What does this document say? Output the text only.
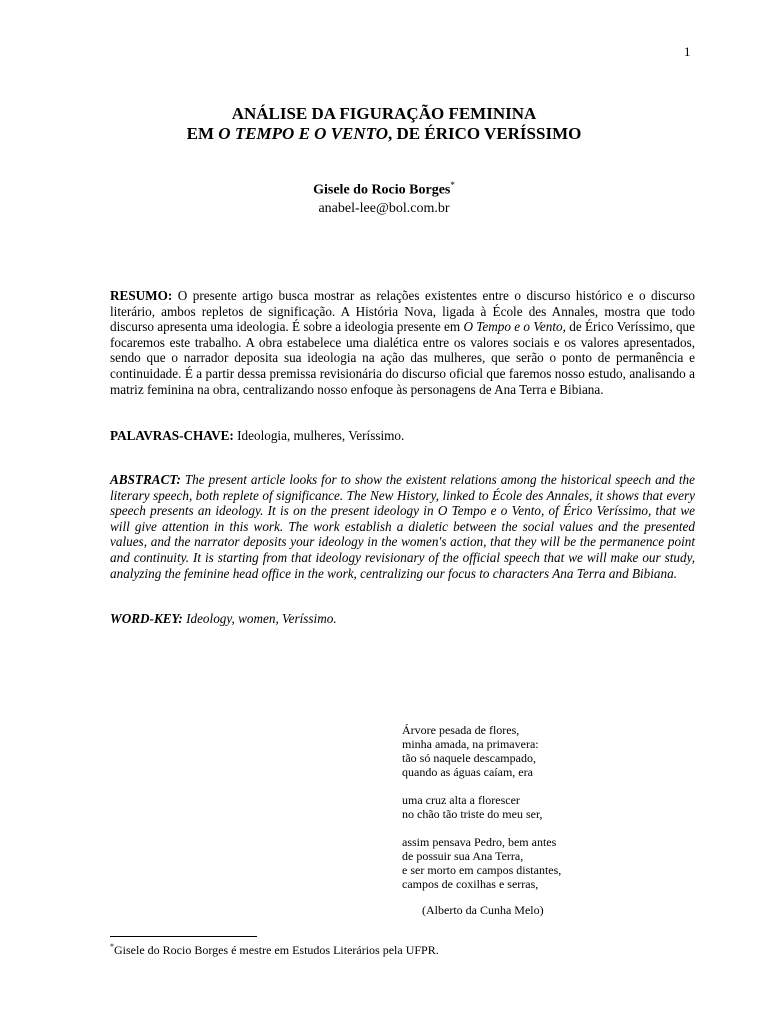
1
ANÁLISE DA FIGURAÇÃO FEMININA
EM O TEMPO E O VENTO, DE ÉRICO VERÍSSIMO
Gisele do Rocio Borges*
anabel-lee@bol.com.br

RESUMO: O presente artigo busca mostrar as relações existentes entre o discurso histórico e o discurso literário, ambos repletos de significação. A História Nova, ligada à École des Annales, mostra que todo discurso apresenta uma ideologia. É sobre a ideologia presente em O Tempo e o Vento, de Érico Veríssimo, que focaremos este trabalho. A obra estabelece uma dialética entre os valores sociais e os valores apresentados, sendo que o narrador deposita sua ideologia na ação das mulheres, que serão o ponto de permanência e continuidade. É a partir dessa premissa revisionária do discurso oficial que faremos nosso estudo, analisando a matriz feminina na obra, centralizando nosso enfoque às personagens de Ana Terra e Bibiana.

PALAVRAS-CHAVE: Ideologia, mulheres, Veríssimo.

ABSTRACT: The present article looks for to show the existent relations among the historical speech and the literary speech, both replete of significance. The New History, linked to École des Annales, it shows that every speech presents an ideology. It is on the present ideology in O Tempo e o Vento, of Érico Veríssimo, that we will give attention in this work. The work establish a dialetic between the social values and the presented values, and the narrator deposits your ideology in the women's action, that they will be the permanence point and continuity. It is starting from that ideology revisionary of the official speech that we will make our study, analyzing the feminine head office in the work, centralizing our focus to characters Ana Terra and Bibiana.

WORD-KEY: Ideology, women, Veríssimo.

Árvore pesada de flores,
minha amada, na primavera:
tão só naquele descampado,
quando as águas caíam, era
uma cruz alta a florescer
no chão tão triste do meu ser,
assim pensava Pedro, bem antes
de possuir sua Ana Terra,
e ser morto em campos distantes,
campos de coxilhas e serras,
(Alberto da Cunha Melo)
*Gisele do Rocio Borges é mestre em Estudos Literários pela UFPR.
